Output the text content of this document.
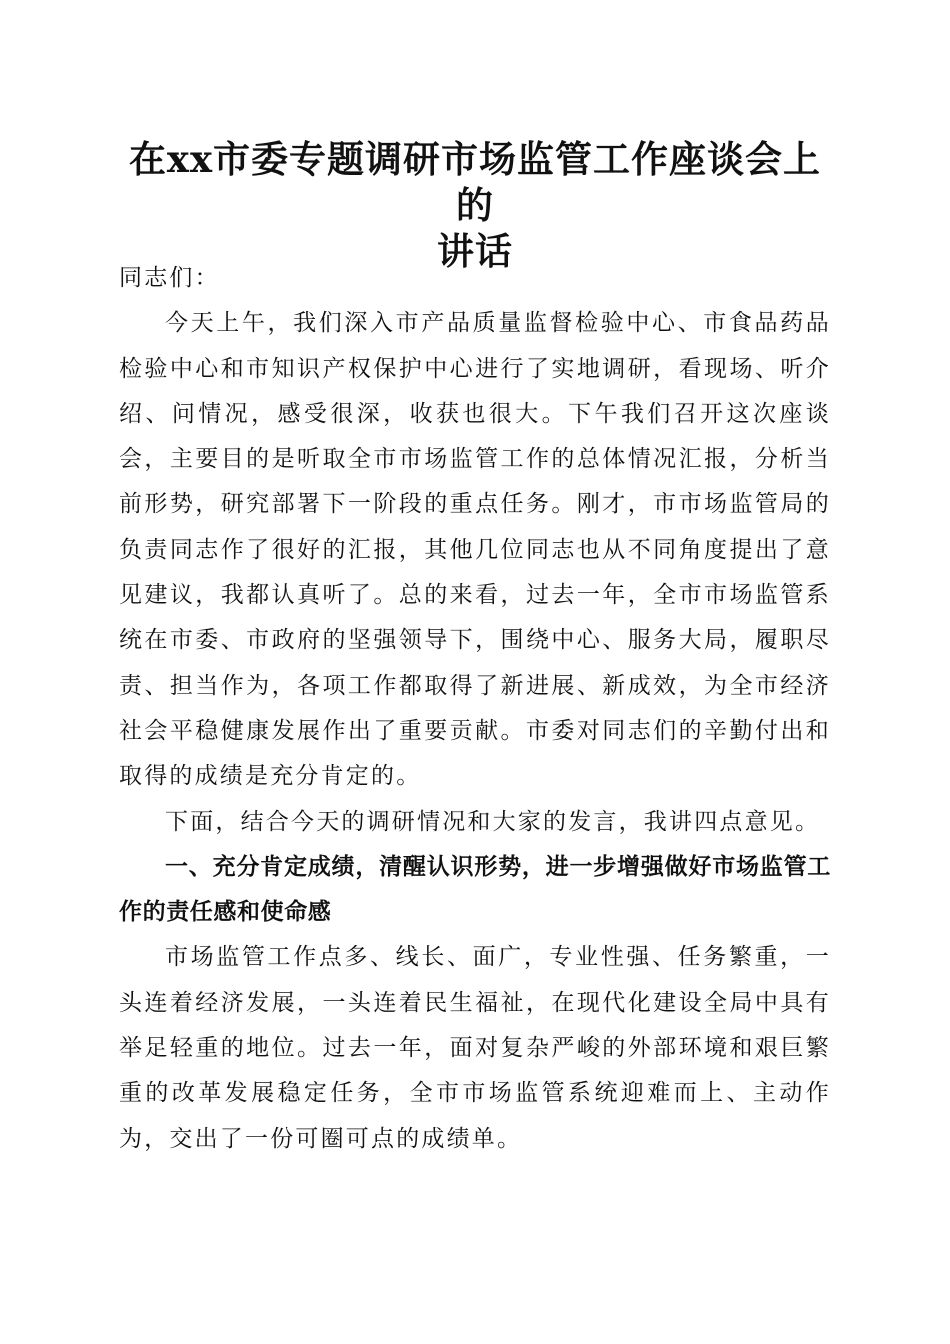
在xx市委专题调研市场监管工作座谈会上的
讲话

同志们：

今天上午，我们深入市产品质量监督检验中心、市食品药品检验中心和市知识产权保护中心进行了实地调研，看现场、听介绍、问情况，感受很深，收获也很大。下午我们召开这次座谈会，主要目的是听取全市市场监管工作的总体情况汇报，分析当前形势，研究部署下一阶段的重点任务。刚才，市市场监管局的负责同志作了很好的汇报，其他几位同志也从不同角度提出了意见建议，我都认真听了。总的来看，过去一年，全市市场监管系统在市委、市政府的坚强领导下，围绕中心、服务大局，履职尽责、担当作为，各项工作都取得了新进展、新成效，为全市经济社会平稳健康发展作出了重要贡献。市委对同志们的辛勤付出和取得的成绩是充分肯定的。

下面，结合今天的调研情况和大家的发言，我讲四点意见。

一、充分肯定成绩，清醒认识形势，进一步增强做好市场监管工作的责任感和使命感

市场监管工作点多、线长、面广，专业性强、任务繁重，一头连着经济发展，一头连着民生福祉，在现代化建设全局中具有举足轻重的地位。过去一年，面对复杂严峻的外部环境和艰巨繁重的改革发展稳定任务，全市市场监管系统迎难而上、主动作为，交出了一份可圈可点的成绩单。
